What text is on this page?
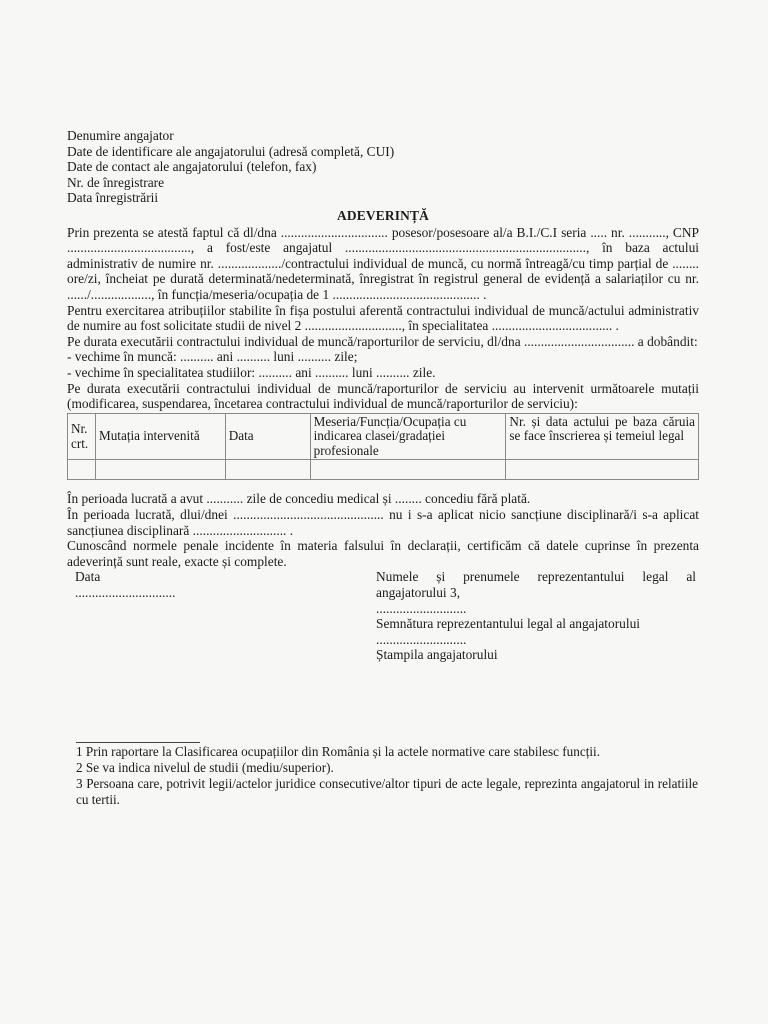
Denumire angajator
Date de identificare ale angajatorului (adresă completă, CUI)
Date de contact ale angajatorului (telefon, fax)
Nr. de înregistrare
Data înregistrării
ADEVERINȚĂ
Prin prezenta se atestă faptul că dl/dna ................................ posesor/posesoare al/a B.I./C.I seria ..... nr. ..........., CNP ....................................., a fost/este angajatul ........................................................................, în baza actului administrativ de numire nr. .................../contractului individual de muncă, cu normă întreagă/cu timp parțial de ........ ore/zi, încheiat pe durată determinată/nedeterminată, înregistrat în registrul general de evidență a salariaților cu nr. ....../.................., în funcția/meseria/ocupația de 1 ............................................ .
Pentru exercitarea atribuțiilor stabilite în fișa postului aferentă contractului individual de muncă/actului administrativ de numire au fost solicitate studii de nivel 2 ............................., în specialitatea .................................... .
Pe durata executării contractului individual de muncă/raporturilor de serviciu, dl/dna ................................. a dobândit:
- vechime în muncă: .......... ani .......... luni .......... zile;
- vechime în specialitatea studiilor: .......... ani .......... luni .......... zile.
Pe durata executării contractului individual de muncă/raporturilor de serviciu au intervenit următoarele mutații (modificarea, suspendarea, încetarea contractului individual de muncă/raporturilor de serviciu):
Nr. crt.	Mutația intervenită	Data	Meseria/Funcția/Ocupația cu indicarea clasei/gradației profesionale	Nr. și data actului pe baza căruia se face înscrierea și temeiul legal

În perioada lucrată a avut ........... zile de concediu medical și ........ concediu fără plată.
În perioada lucrată, dlui/dnei ............................................. nu i s-a aplicat nicio sancțiune disciplinară/i s-a aplicat sancțiunea disciplinară ............................ .
Cunoscând normele penale incidente în materia falsului în declarații, certificăm că datele cuprinse în prezenta adeverință sunt reale, exacte și complete.
Data
..............................
Numele și prenumele reprezentantului legal al angajatorului 3,
...........................
Semnătura reprezentantului legal al angajatorului
...........................
Ștampila angajatorului
1 Prin raportare la Clasificarea ocupațiilor din România și la actele normative care stabilesc funcții.
2 Se va indica nivelul de studii (mediu/superior).
3 Persoana care, potrivit legii/actelor juridice consecutive/altor tipuri de acte legale, reprezinta angajatorul in relatiile cu tertii.
